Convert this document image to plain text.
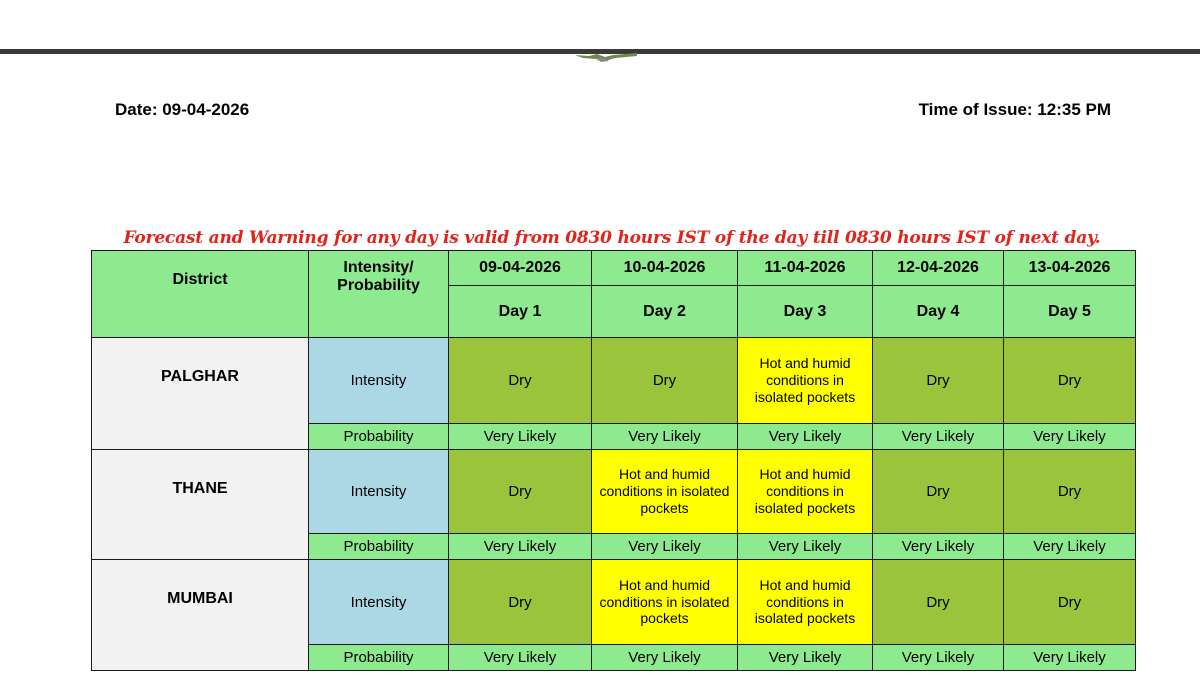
Date: 09-04-2026	Time of Issue: 12:35 PM
Forecast and Warning for any day is valid from 0830 hours IST of the day till 0830 hours IST of next day.
District	Intensity/ Probability	09-04-2026	10-04-2026	11-04-2026	12-04-2026	13-04-2026
		Day 1	Day 2	Day 3	Day 4	Day 5

PALGHAR	Intensity	Dry	Dry	Hot and humid conditions in isolated pockets	Dry	Dry
	Probability	Very Likely	Very Likely	Very Likely	Very Likely	Very Likely

THANE	Intensity	Dry	Hot and humid conditions in isolated pockets	Hot and humid conditions in isolated pockets	Dry	Dry
	Probability	Very Likely	Very Likely	Very Likely	Very Likely	Very Likely

MUMBAI	Intensity	Dry	Hot and humid conditions in isolated pockets	Hot and humid conditions in isolated pockets	Dry	Dry
	Probability	Very Likely	Very Likely	Very Likely	Very Likely	Very Likely
